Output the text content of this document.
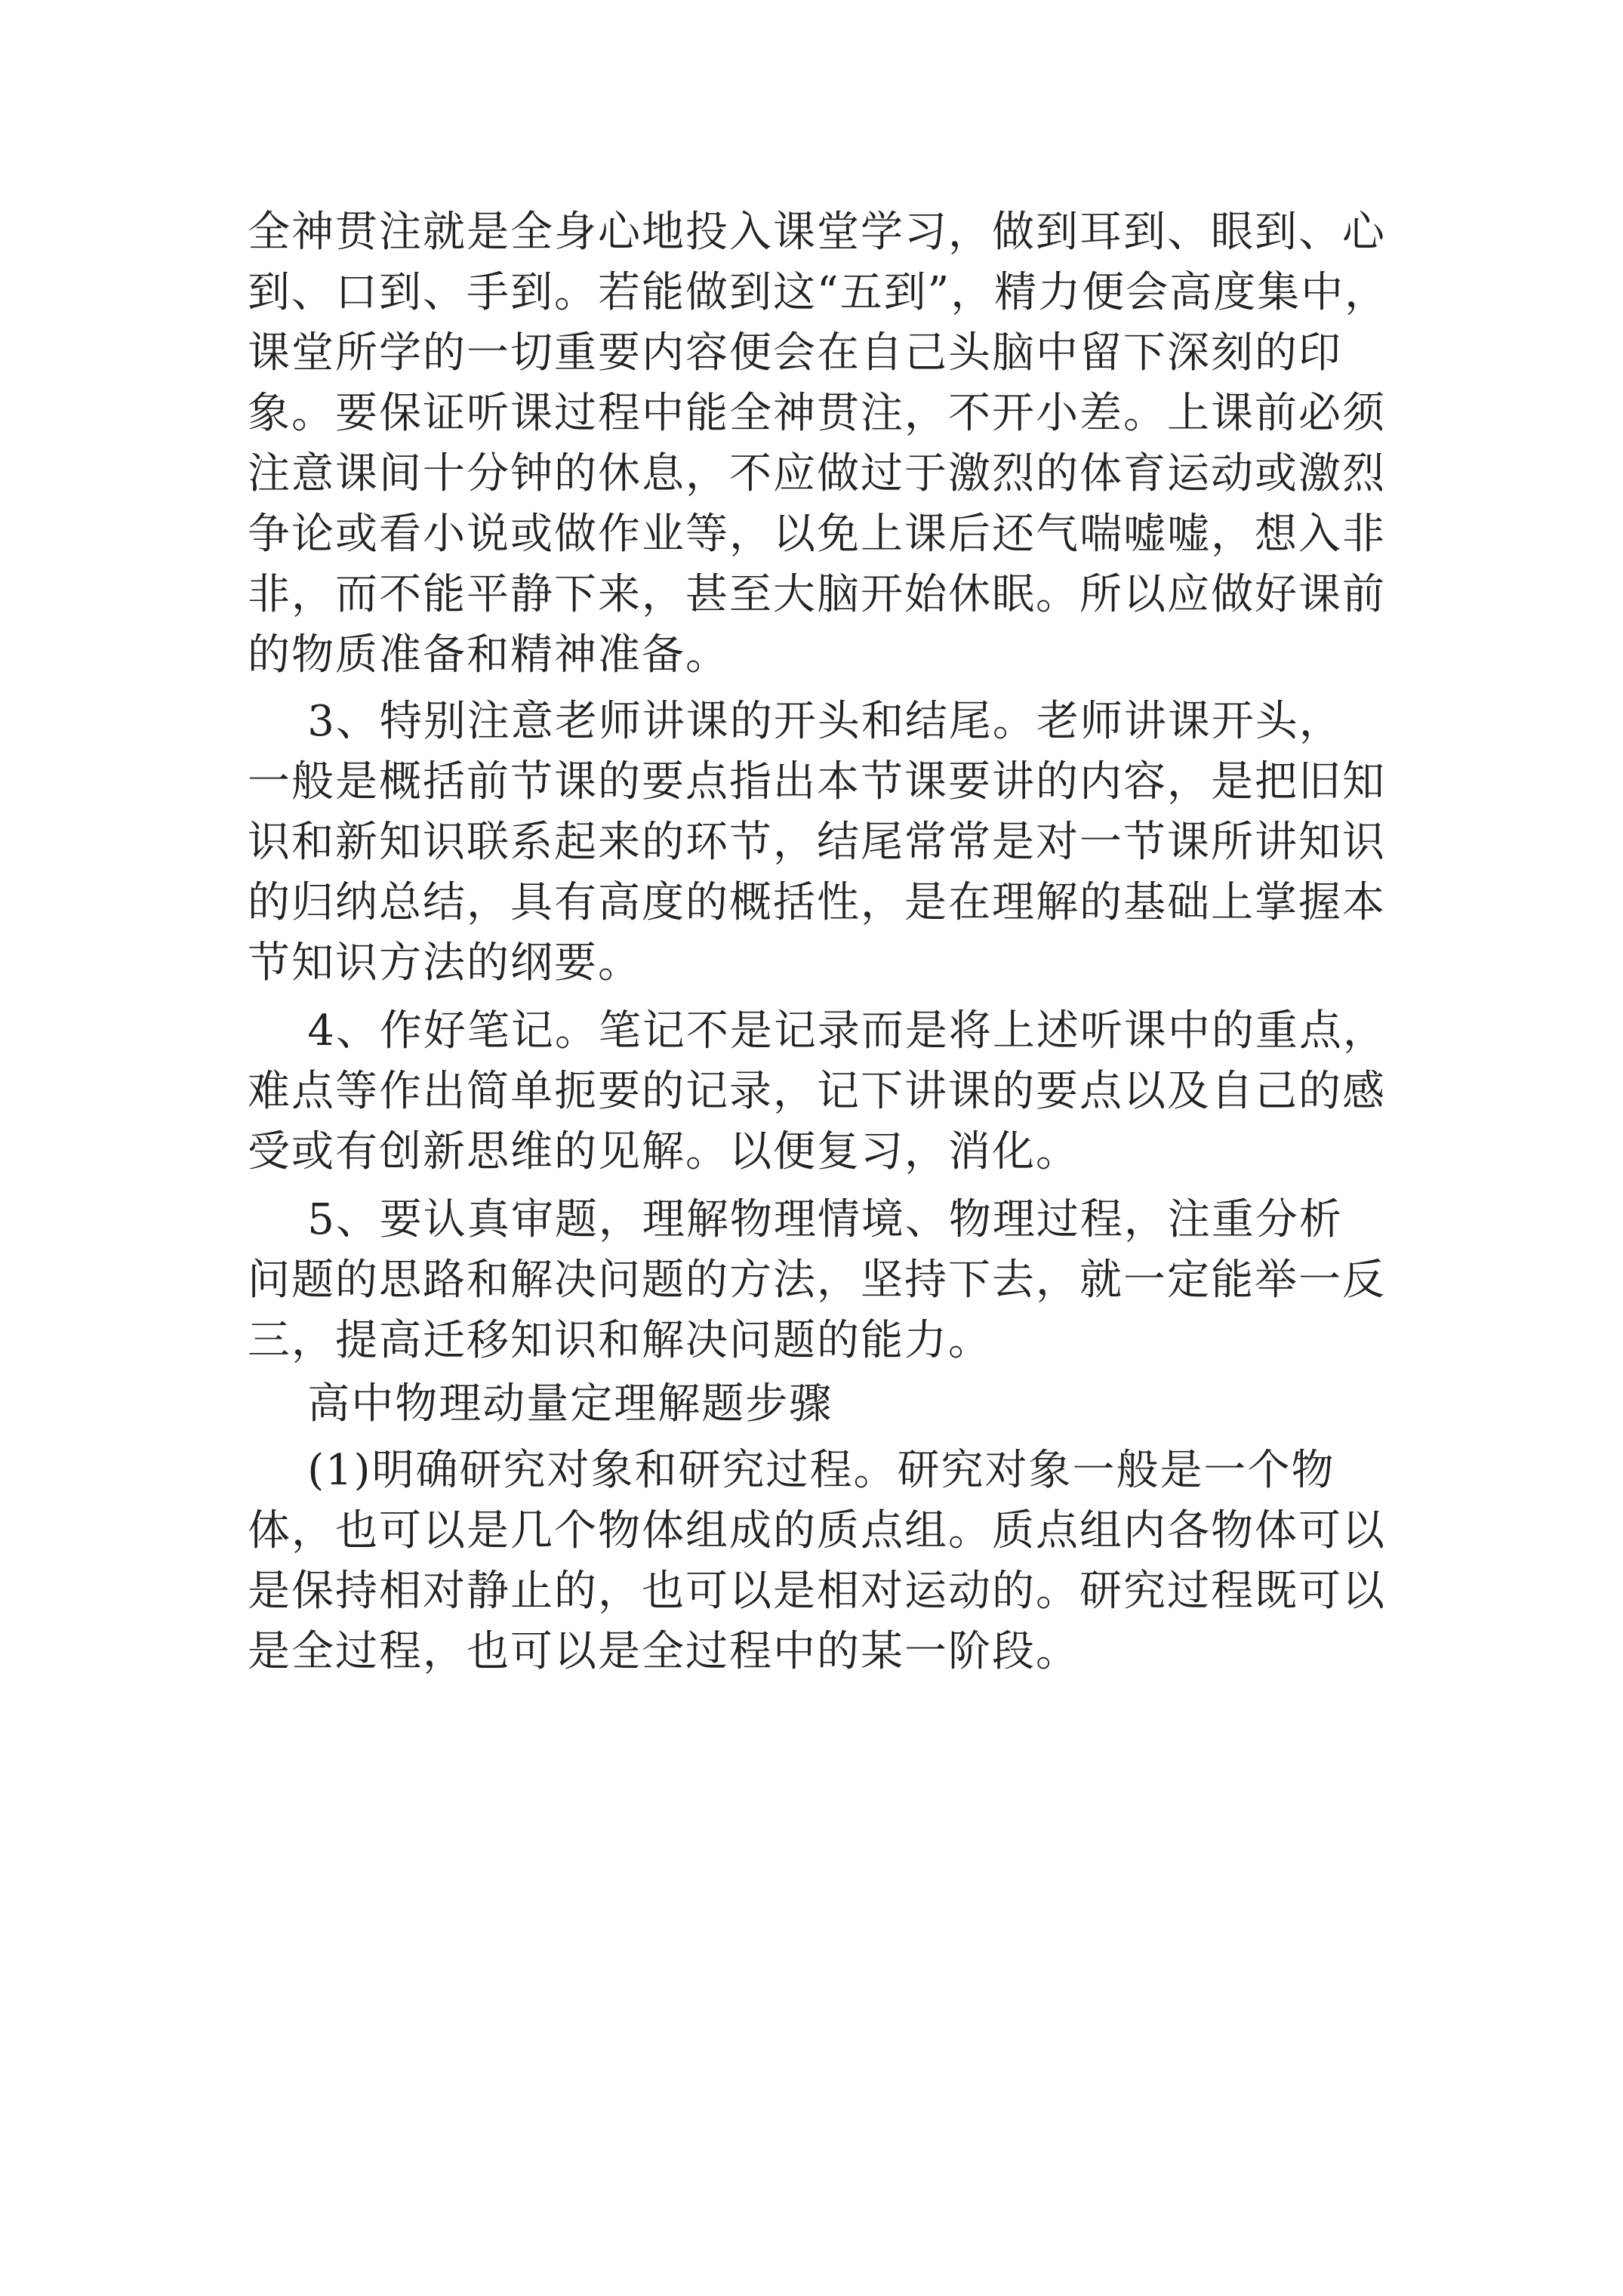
全神贯注就是全身心地投入课堂学习，做到耳到、眼到、心
到、口到、手到。若能做到这“五到”，精力便会高度集中，
课堂所学的一切重要内容便会在自己头脑中留下深刻的印
象。要保证听课过程中能全神贯注，不开小差。上课前必须
注意课间十分钟的休息，不应做过于激烈的体育运动或激烈
争论或看小说或做作业等，以免上课后还气喘嘘嘘，想入非
非，而不能平静下来，甚至大脑开始休眠。所以应做好课前
的物质准备和精神准备。
3、特别注意老师讲课的开头和结尾。老师讲课开头，
一般是概括前节课的要点指出本节课要讲的内容，是把旧知
识和新知识联系起来的环节，结尾常常是对一节课所讲知识
的归纳总结，具有高度的概括性，是在理解的基础上掌握本
节知识方法的纲要。
4、作好笔记。笔记不是记录而是将上述听课中的重点，
难点等作出简单扼要的记录，记下讲课的要点以及自己的感
受或有创新思维的见解。以便复习，消化。
5、要认真审题，理解物理情境、物理过程，注重分析
问题的思路和解决问题的方法，坚持下去，就一定能举一反
三，提高迁移知识和解决问题的能力。
高中物理动量定理解题步骤
(1)明确研究对象和研究过程。研究对象一般是一个物
体，也可以是几个物体组成的质点组。质点组内各物体可以
是保持相对静止的，也可以是相对运动的。研究过程既可以
是全过程，也可以是全过程中的某一阶段。
